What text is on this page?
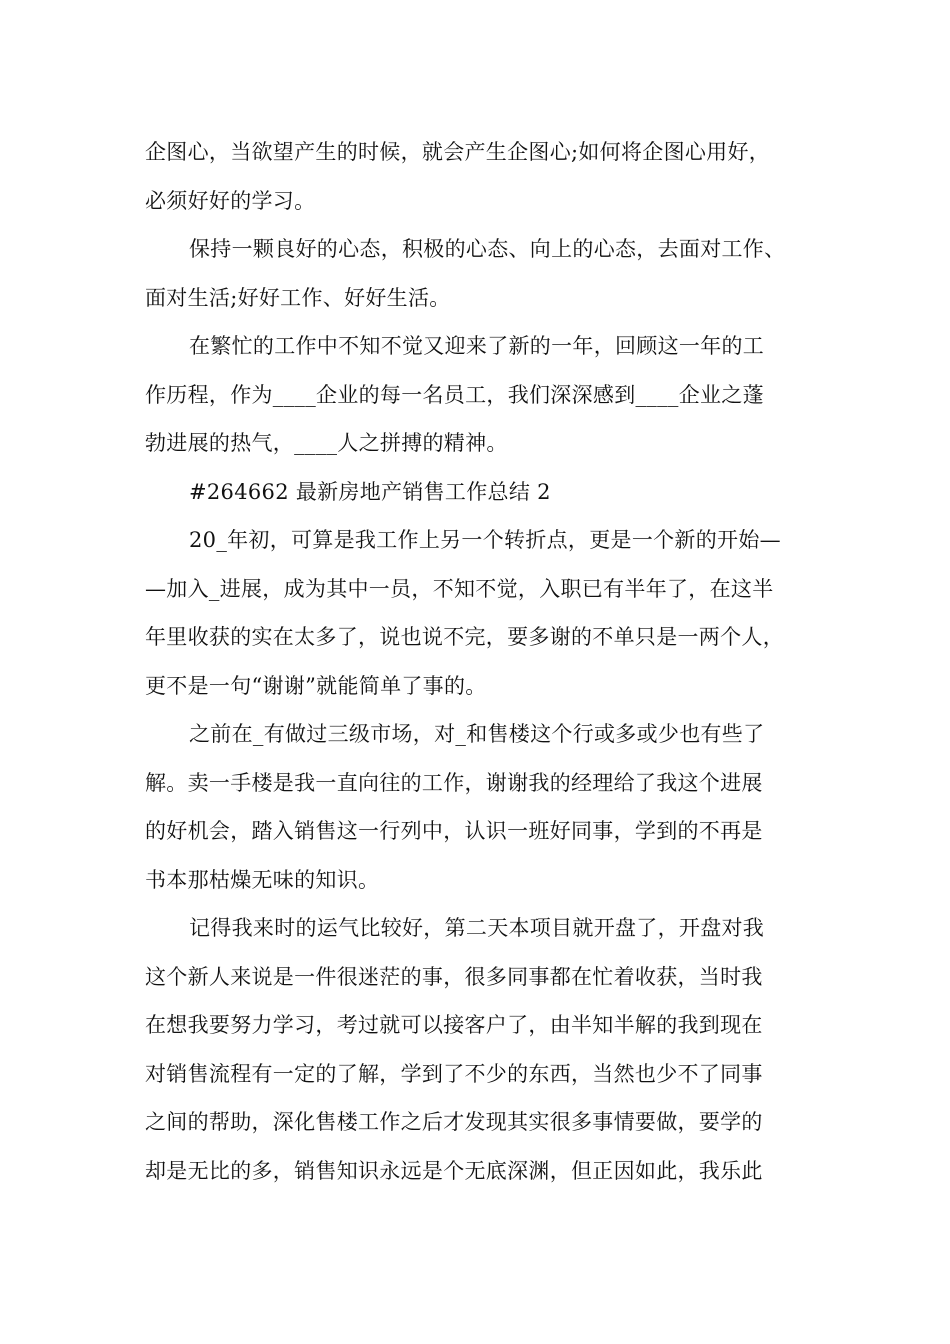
企图心，当欲望产生的时候，就会产生企图心;如何将企图心用好，
必须好好的学习。

保持一颗良好的心态，积极的心态、向上的心态，去面对工作、
面对生活;好好工作、好好生活。

在繁忙的工作中不知不觉又迎来了新的一年，回顾这一年的工
作历程，作为____企业的每一名员工，我们深深感到____企业之蓬
勃进展的热气，____人之拼搏的精神。

#264662 最新房地产销售工作总结 2

20_年初，可算是我工作上另一个转折点，更是一个新的开始—
—加入_进展，成为其中一员，不知不觉，入职已有半年了，在这半
年里收获的实在太多了，说也说不完，要多谢的不单只是一两个人，
更不是一句“谢谢”就能简单了事的。

之前在_有做过三级市场，对_和售楼这个行或多或少也有些了
解。卖一手楼是我一直向往的工作，谢谢我的经理给了我这个进展
的好机会，踏入销售这一行列中，认识一班好同事，学到的不再是
书本那枯燥无味的知识。

记得我来时的运气比较好，第二天本项目就开盘了，开盘对我
这个新人来说是一件很迷茫的事，很多同事都在忙着收获，当时我
在想我要努力学习，考过就可以接客户了，由半知半解的我到现在
对销售流程有一定的了解，学到了不少的东西，当然也少不了同事
之间的帮助，深化售楼工作之后才发现其实很多事情要做，要学的
却是无比的多，销售知识永远是个无底深渊，但正因如此，我乐此
